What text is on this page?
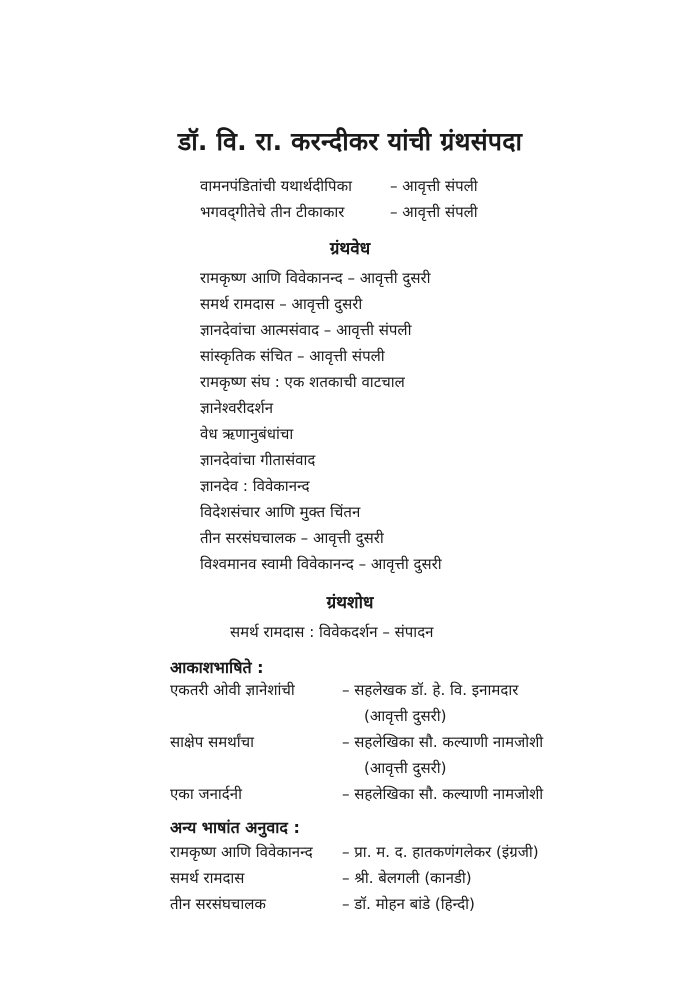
डॉ. वि. रा. करन्दीकर यांची ग्रंथसंपदा
वामनपंडितांची यथार्थदीपिका	– आवृत्ती संपली
भगवद्‌गीतेचे तीन टीकाकार	– आवृत्ती संपली
ग्रंथवेध
रामकृष्ण आणि विवेकानन्द – आवृत्ती दुसरी
समर्थ रामदास – आवृत्ती दुसरी
ज्ञानदेवांचा आत्मसंवाद – आवृत्ती संपली
सांस्कृतिक संचित – आवृत्ती संपली
रामकृष्ण संघ : एक शतकाची वाटचाल
ज्ञानेश्वरीदर्शन
वेध ऋणानुबंधांचा
ज्ञानदेवांचा गीतासंवाद
ज्ञानदेव : विवेकानन्द
विदेशसंचार आणि मुक्त चिंतन
तीन सरसंघचालक – आवृत्ती दुसरी
विश्वमानव स्वामी विवेकानन्द – आवृत्ती दुसरी
ग्रंथशोध
समर्थ रामदास : विवेकदर्शन – संपादन
आकाशभाषिते :
एकतरी ओवी ज्ञानेशांची	– सहलेखक डॉ. हे. वि. इनामदार
(आवृत्ती दुसरी)
साक्षेप समर्थांचा	– सहलेखिका सौ. कल्याणी नामजोशी
(आवृत्ती दुसरी)
एका जनार्दनी	– सहलेखिका सौ. कल्याणी नामजोशी
अन्य भाषांत अनुवाद :
रामकृष्ण आणि विवेकानन्द – प्रा. म. द. हातकणंगलेकर (इंग्रजी)
समर्थ रामदास	– श्री. बेलगली (कानडी)
तीन सरसंघचालक	– डॉ. मोहन बांडे (हिन्दी)
